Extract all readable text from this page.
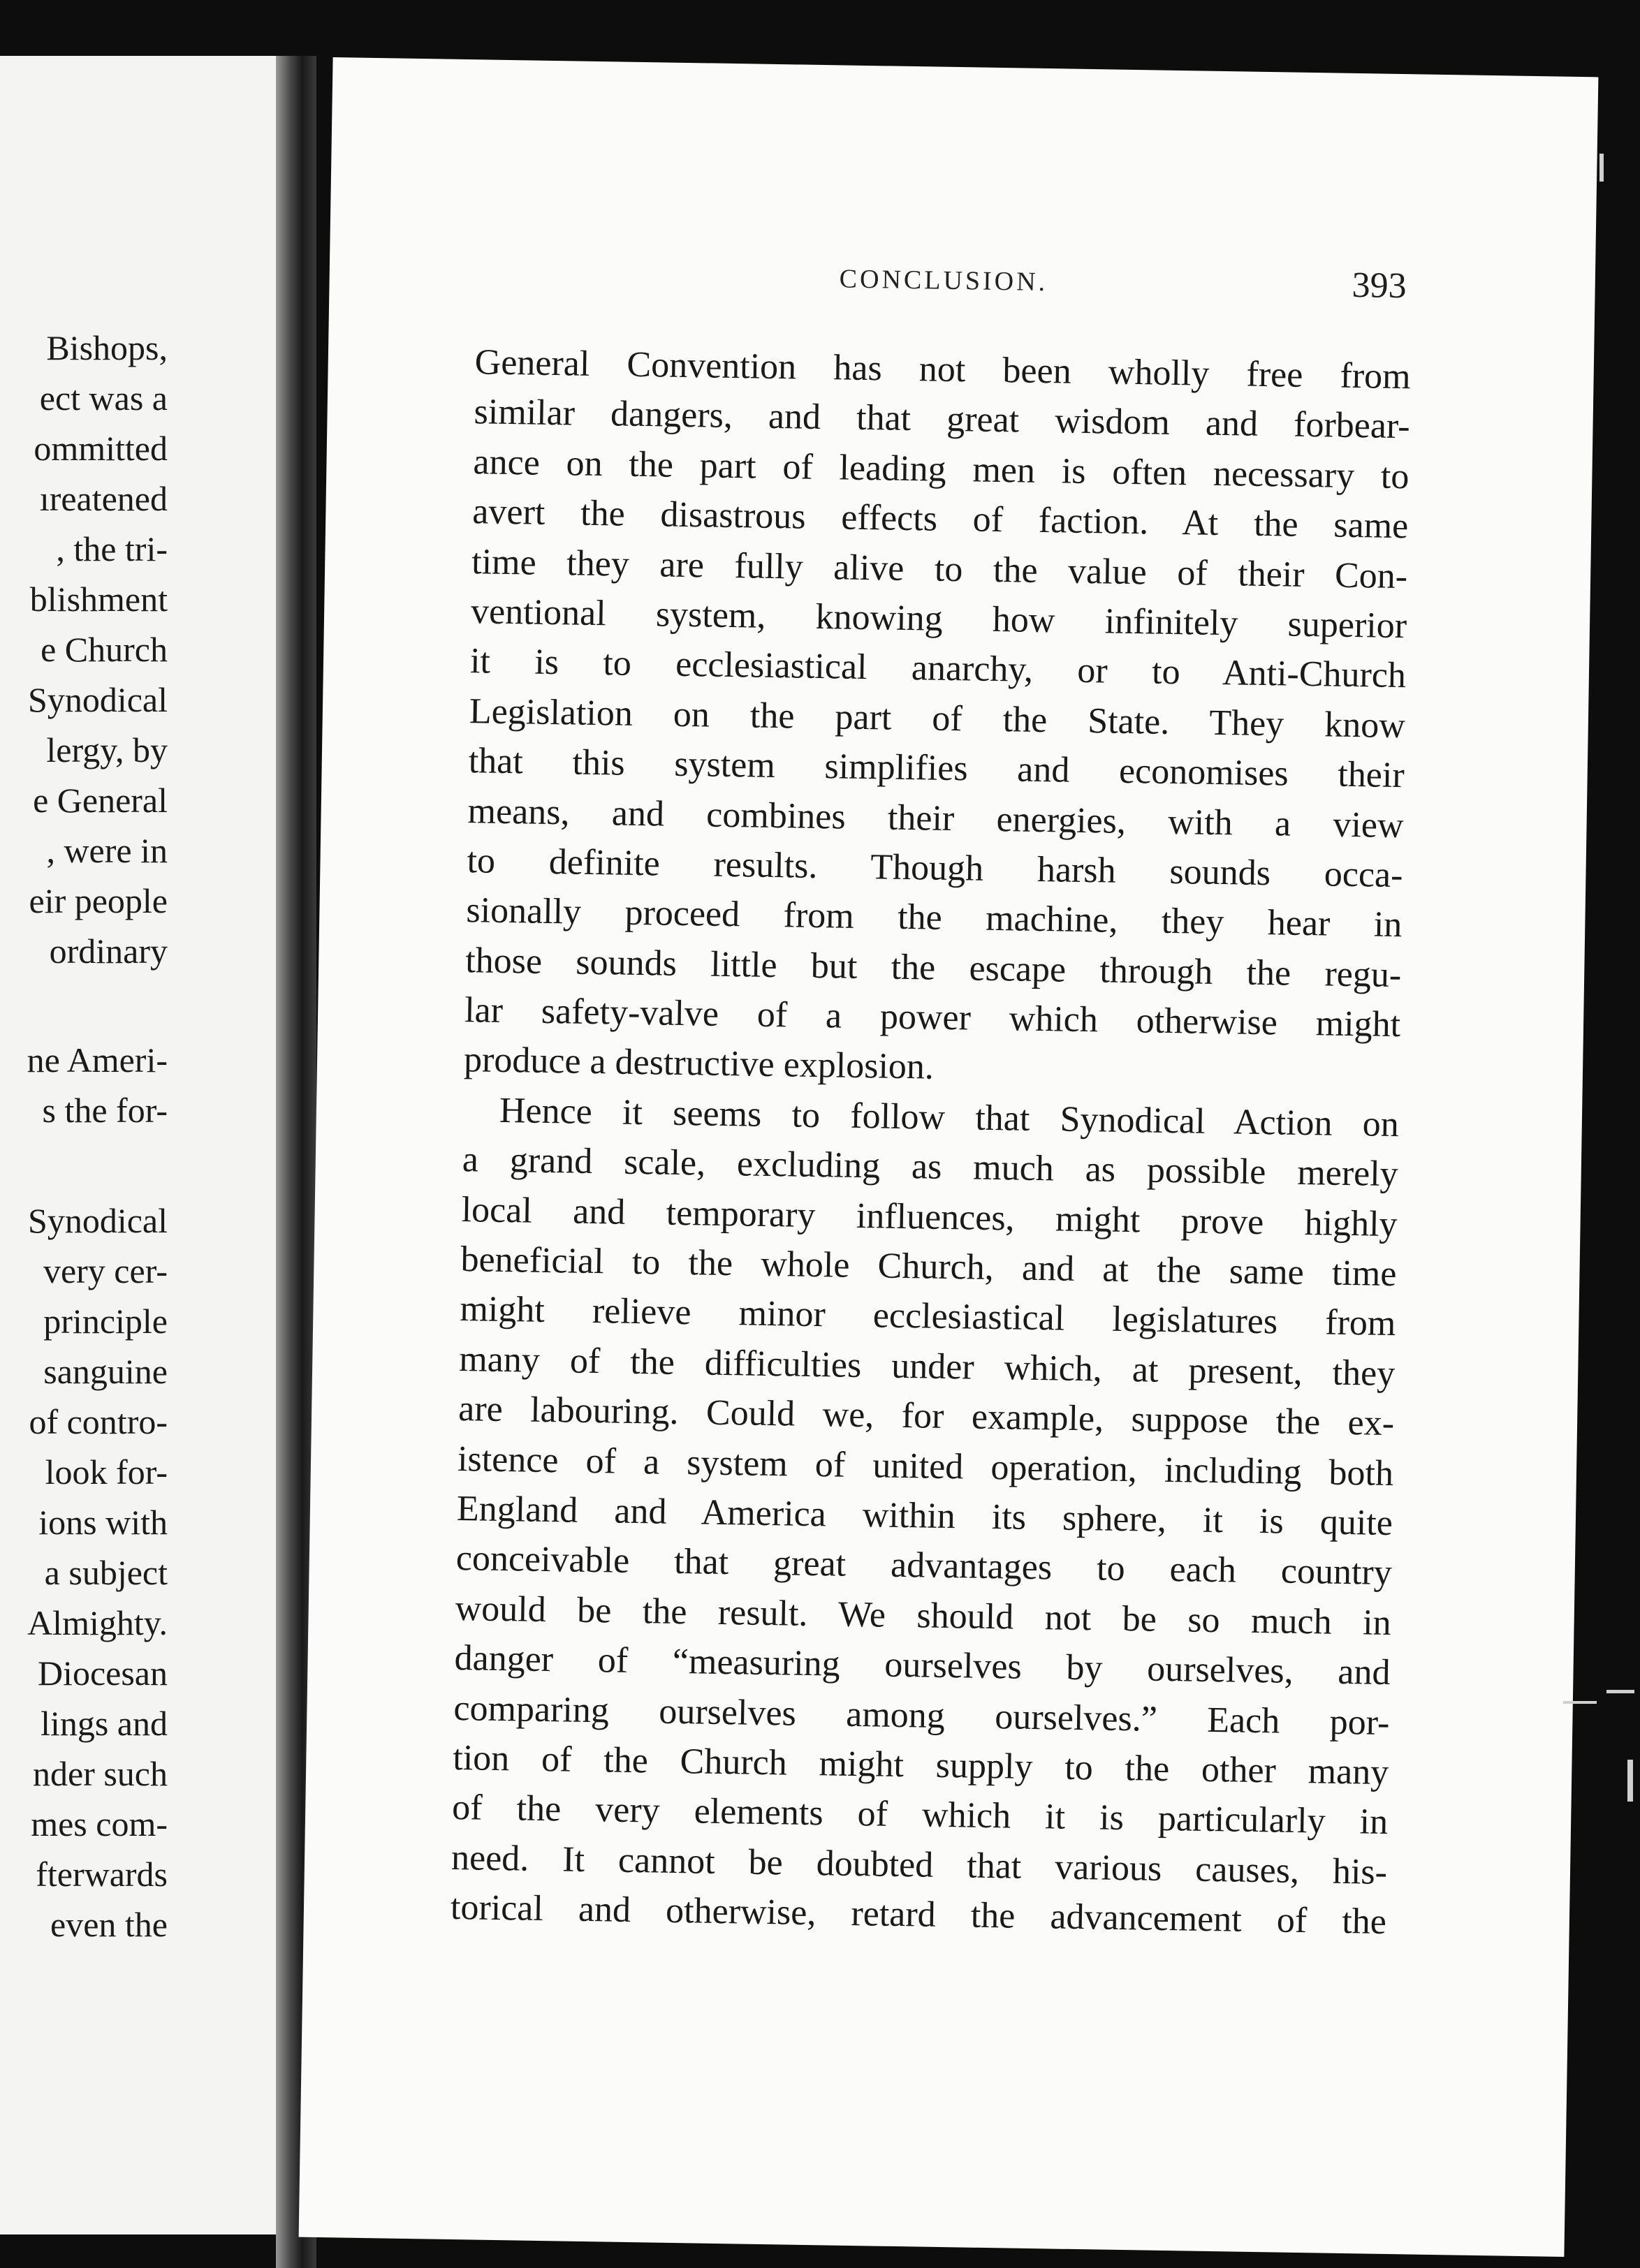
Bishops,
ect was a
ommitted
ıreatened
, the tri-
blishment
e Church
Synodical
lergy, by
e General
, were in
eir people
ordinary
ne Ameri-
s the for-
Synodical
very cer-
principle
sanguine
of contro-
look for-
ions with
a subject
Almighty.
Diocesan
lings and
nder such
mes com-
fterwards
even the
CONCLUSION.	393
General Convention has not been wholly free from
similar dangers, and that great wisdom and forbear-
ance on the part of leading men is often necessary to
avert the disastrous effects of faction. At the same
time they are fully alive to the value of their Con-
ventional system, knowing how infinitely superior
it is to ecclesiastical anarchy, or to Anti-Church
Legislation on the part of the State. They know
that this system simplifies and economises their
means, and combines their energies, with a view
to definite results. Though harsh sounds occa-
sionally proceed from the machine, they hear in
those sounds little but the escape through the regu-
lar safety-valve of a power which otherwise might
produce a destructive explosion.
Hence it seems to follow that Synodical Action on
a grand scale, excluding as much as possible merely
local and temporary influences, might prove highly
beneficial to the whole Church, and at the same time
might relieve minor ecclesiastical legislatures from
many of the difficulties under which, at present, they
are labouring. Could we, for example, suppose the ex-
istence of a system of united operation, including both
England and America within its sphere, it is quite
conceivable that great advantages to each country
would be the result. We should not be so much in
danger of “measuring ourselves by ourselves, and
comparing ourselves among ourselves.” Each por-
tion of the Church might supply to the other many
of the very elements of which it is particularly in
need. It cannot be doubted that various causes, his-
torical and otherwise, retard the advancement of the
